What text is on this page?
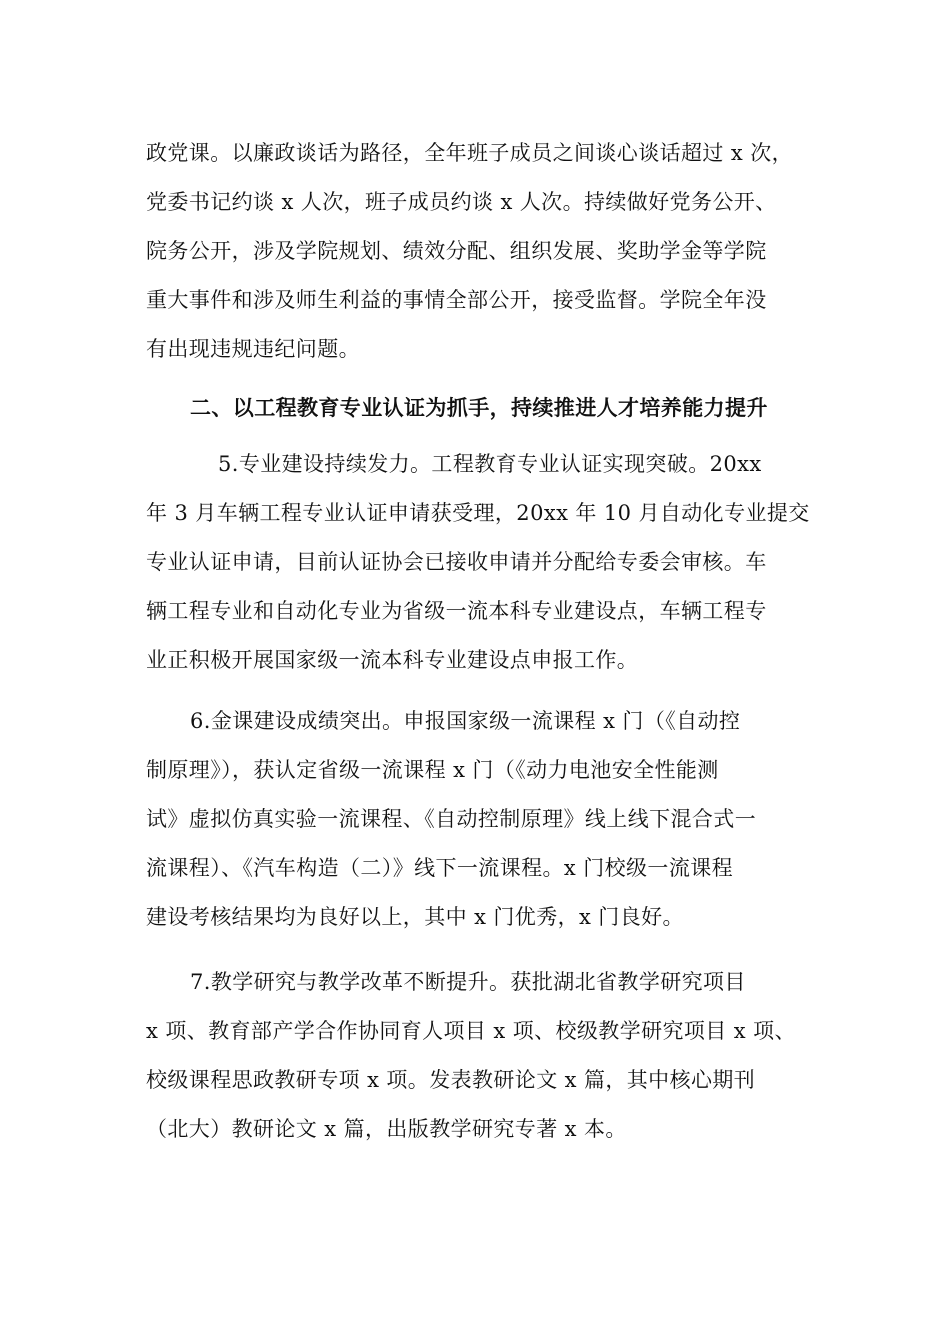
政党课。以廉政谈话为路径，全年班子成员之间谈心谈话超过 x 次，
党委书记约谈 x 人次，班子成员约谈 x 人次。持续做好党务公开、
院务公开，涉及学院规划、绩效分配、组织发展、奖助学金等学院
重大事件和涉及师生利益的事情全部公开，接受监督。学院全年没
有出现违规违纪问题。
二、以工程教育专业认证为抓手，持续推进人才培养能力提升
5.专业建设持续发力。工程教育专业认证实现突破。20xx
年 3 月车辆工程专业认证申请获受理，20xx 年 10 月自动化专业提交
专业认证申请，目前认证协会已接收申请并分配给专委会审核。车
辆工程专业和自动化专业为省级一流本科专业建设点，车辆工程专
业正积极开展国家级一流本科专业建设点申报工作。
6.金课建设成绩突出。申报国家级一流课程 x 门（《自动控
制原理》），获认定省级一流课程 x 门（《动力电池安全性能测
试》虚拟仿真实验一流课程、《自动控制原理》线上线下混合式一
流课程）、《汽车构造（二）》线下一流课程。x 门校级一流课程
建设考核结果均为良好以上，其中 x 门优秀，x 门良好。
7.教学研究与教学改革不断提升。获批湖北省教学研究项目
x 项、教育部产学合作协同育人项目 x 项、校级教学研究项目 x 项、
校级课程思政教研专项 x 项。发表教研论文 x 篇，其中核心期刊
（北大）教研论文 x 篇，出版教学研究专著 x 本。
